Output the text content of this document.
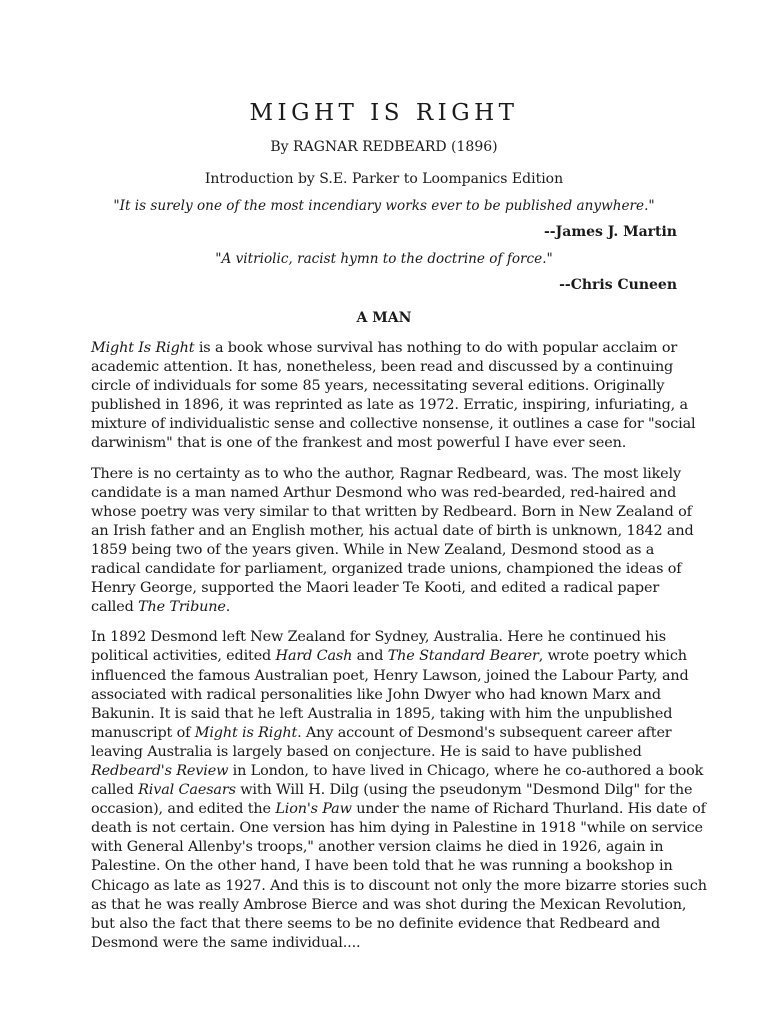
MIGHT IS RIGHT

By RAGNAR REDBEARD (1896)

Introduction by S.E. Parker to Loompanics Edition

"It is surely one of the most incendiary works ever to be published anywhere."

--James J. Martin

"A vitriolic, racist hymn to the doctrine of force."

--Chris Cuneen

A MAN

Might Is Right is a book whose survival has nothing to do with popular acclaim or
academic attention. It has, nonetheless, been read and discussed by a continuing
circle of individuals for some 85 years, necessitating several editions. Originally
published in 1896, it was reprinted as late as 1972. Erratic, inspiring, infuriating, a
mixture of individualistic sense and collective nonsense, it outlines a case for "social
darwinism" that is one of the frankest and most powerful I have ever seen.

There is no certainty as to who the author, Ragnar Redbeard, was. The most likely
candidate is a man named Arthur Desmond who was red-bearded, red-haired and
whose poetry was very similar to that written by Redbeard. Born in New Zealand of
an Irish father and an English mother, his actual date of birth is unknown, 1842 and
1859 being two of the years given. While in New Zealand, Desmond stood as a
radical candidate for parliament, organized trade unions, championed the ideas of
Henry George, supported the Maori leader Te Kooti, and edited a radical paper
called The Tribune.

In 1892 Desmond left New Zealand for Sydney, Australia. Here he continued his
political activities, edited Hard Cash and The Standard Bearer, wrote poetry which
influenced the famous Australian poet, Henry Lawson, joined the Labour Party, and
associated with radical personalities like John Dwyer who had known Marx and
Bakunin. It is said that he left Australia in 1895, taking with him the unpublished
manuscript of Might is Right. Any account of Desmond's subsequent career after
leaving Australia is largely based on conjecture. He is said to have published
Redbeard's Review in London, to have lived in Chicago, where he co-authored a book
called Rival Caesars with Will H. Dilg (using the pseudonym "Desmond Dilg" for the
occasion), and edited the Lion's Paw under the name of Richard Thurland. His date of
death is not certain. One version has him dying in Palestine in 1918 "while on service
with General Allenby's troops," another version claims he died in 1926, again in
Palestine. On the other hand, I have been told that he was running a bookshop in
Chicago as late as 1927. And this is to discount not only the more bizarre stories such
as that he was really Ambrose Bierce and was shot during the Mexican Revolution,
but also the fact that there seems to be no definite evidence that Redbeard and
Desmond were the same individual....
